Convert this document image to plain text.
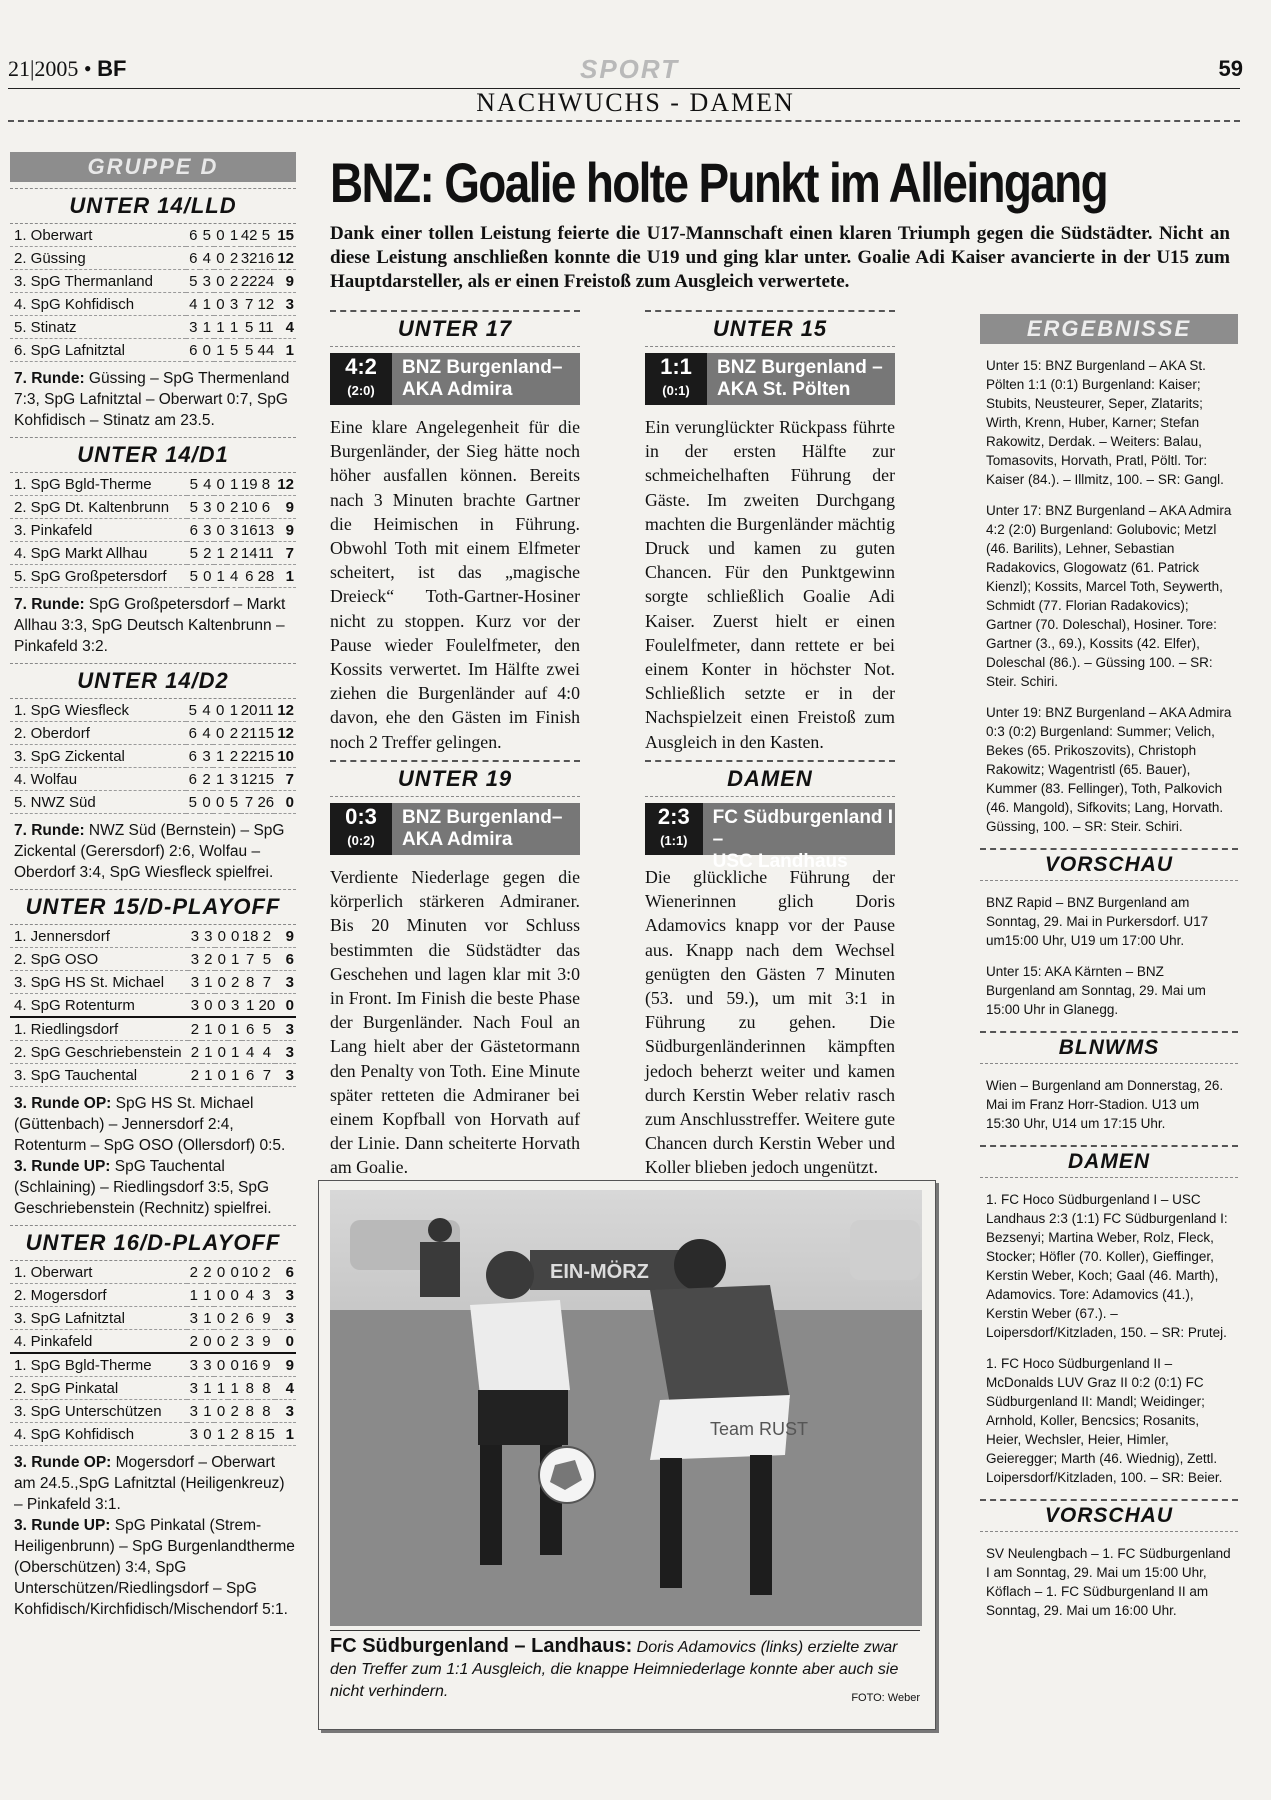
21|2005 • BF	SPORT	59
NACHWUCHS - DAMEN
GRUPPE D
UNTER 14/LLD
1. Oberwart	6	5	0	1	42	5	15
2. Güssing	6	4	0	2	32	16	12
3. SpG Thermanland	5	3	0	2	22	24	9
4. SpG Kohfidisch	4	1	0	3	7	12	3
5. Stinatz	3	1	1	1	5	11	4
6. SpG Lafnitztal	6	0	1	5	5	44	1
7. Runde: Güssing – SpG Thermenland 7:3, SpG Lafnitztal – Oberwart 0:7, SpG Kohfidisch – Stinatz am 23.5.
UNTER 14/D1
1. SpG Bgld-Therme	5	4	0	1	19	8	12
2. SpG Dt. Kaltenbrunn	5	3	0	2	10	6	9
3. Pinkafeld	6	3	0	3	16	13	9
4. SpG Markt Allhau	5	2	1	2	14	11	7
5. SpG Großpetersdorf	5	0	1	4	6	28	1
7. Runde: SpG Großpetersdorf – Markt Allhau 3:3, SpG Deutsch Kaltenbrunn – Pinkafeld 3:2.
UNTER 14/D2
1. SpG Wiesfleck	5	4	0	1	20	11	12
2. Oberdorf	6	4	0	2	21	15	12
3. SpG Zickental	6	3	1	2	22	15	10
4. Wolfau	6	2	1	3	12	15	7
5. NWZ Süd	5	0	0	5	7	26	0
7. Runde: NWZ Süd (Bernstein) – SpG Zickental (Gerersdorf) 2:6, Wolfau – Oberdorf 3:4, SpG Wiesfleck spielfrei.
UNTER 15/D-PLAYOFF
1. Jennersdorf	3	3	0	0	18	2	9
2. SpG OSO	3	2	0	1	7	5	6
3. SpG HS St. Michael	3	1	0	2	8	7	3
4. SpG Rotenturm	3	0	0	3	1	20	0
1. Riedlingsdorf	2	1	0	1	6	5	3
2. SpG Geschriebenstein	2	1	0	1	4	4	3
3. SpG Tauchental	2	1	0	1	6	7	3
3. Runde OP: SpG HS St. Michael (Güttenbach) – Jennersdorf 2:4, Rotenturm – SpG OSO (Ollersdorf) 0:5.
3. Runde UP: SpG Tauchental (Schlaining) – Riedlingsdorf 3:5, SpG Geschriebenstein (Rechnitz) spielfrei.
UNTER 16/D-PLAYOFF
1. Oberwart	2	2	0	0	10	2	6
2. Mogersdorf	1	1	0	0	4	3	3
3. SpG Lafnitztal	3	1	0	2	6	9	3
4. Pinkafeld	2	0	0	2	3	9	0
1. SpG Bgld-Therme	3	3	0	0	16	9	9
2. SpG Pinkatal	3	1	1	1	8	8	4
3. SpG Unterschützen	3	1	0	2	8	8	3
4. SpG Kohfidisch	3	0	1	2	8	15	1
3. Runde OP: Mogersdorf – Oberwart am 24.5.,SpG Lafnitztal (Heiligenkreuz) – Pinkafeld 3:1.
3. Runde UP: SpG Pinkatal (Strem-Heiligenbrunn) – SpG Burgenlandtherme (Oberschützen) 3:4, SpG Unterschützen/Riedlingsdorf – SpG Kohfidisch/Kirchfidisch/Mischendorf 5:1.
BNZ: Goalie holte Punkt im Alleingang
Dank einer tollen Leistung feierte die U17-Mannschaft einen klaren Triumph gegen die Südstädter. Nicht an diese Leistung anschließen konnte die U19 und ging klar unter. Goalie Adi Kaiser avancierte in der U15 zum Hauptdarsteller, als er einen Freistoß zum Ausgleich verwertete.
UNTER 17
4:2
(2:0)
BNZ Burgenland–
AKA Admira
Eine klare Angelegenheit für die Burgenländer, der Sieg hätte noch höher ausfallen können. Bereits nach 3 Minuten brachte Gartner die Heimischen in Führung. Obwohl Toth mit einem Elfmeter scheitert, ist das „magische Dreieck“ Toth-Gartner-Hosiner nicht zu stoppen. Kurz vor der Pause wieder Foulelfmeter, den Kossits verwertet. Im Hälfte zwei ziehen die Burgenländer auf 4:0 davon, ehe den Gästen im Finish noch 2 Treffer gelingen.
UNTER 15
1:1
(0:1)
BNZ Burgenland –
AKA St. Pölten
Ein verunglückter Rückpass führte in der ersten Hälfte zur schmeichelhaften Führung der Gäste. Im zweiten Durchgang machten die Burgenländer mächtig Druck und kamen zu guten Chancen. Für den Punktgewinn sorgte schließlich Goalie Adi Kaiser. Zuerst hielt er einen Foulelfmeter, dann rettete er bei einem Konter in höchster Not. Schließlich setzte er in der Nachspielzeit einen Freistoß zum Ausgleich in den Kasten.
UNTER 19
0:3
(0:2)
BNZ Burgenland–
AKA Admira
Verdiente Niederlage gegen die körperlich stärkeren Admiraner. Bis 20 Minuten vor Schluss bestimmten die Südstädter das Geschehen und lagen klar mit 3:0 in Front. Im Finish die beste Phase der Burgenländer. Nach Foul an Lang hielt aber der Gästetormann den Penalty von Toth. Eine Minute später retteten die Admiraner bei einem Kopfball von Horvath auf der Linie. Dann scheiterte Horvath am Goalie.
DAMEN
2:3
(1:1)
FC Südburgenland I –
USC Landhaus
Die glückliche Führung der Wienerinnen glich Doris Adamovics knapp vor der Pause aus. Knapp nach dem Wechsel genügten den Gästen 7 Minuten (53. und 59.), um mit 3:1 in Führung zu gehen. Die Südburgenländerinnen kämpften jedoch beherzt weiter und kamen durch Kerstin Weber relativ rasch zum Anschlusstreffer. Weitere gute Chancen durch Kerstin Weber und Koller blieben jedoch ungenützt.
EIN-MÖRZ
Team RUST
FC Südburgenland – Landhaus: Doris Adamovics (links) erzielte zwar den Treffer zum 1:1 Ausgleich, die knappe Heimniederlage konnte aber auch sie nicht verhindern.	FOTO: Weber
ERGEBNISSE

Unter 15: BNZ Burgenland – AKA St. Pölten 1:1 (0:1) Burgenland: Kaiser; Stubits, Neusteurer, Seper, Zlatarits; Wirth, Krenn, Huber, Karner; Stefan Rakowitz, Derdak. – Weiters: Balau, Tomasovits, Horvath, Pratl, Pöltl. Tor: Kaiser (84.). – Illmitz, 100. – SR: Gangl.

Unter 17: BNZ Burgenland – AKA Admira 4:2 (2:0) Burgenland: Golubovic; Metzl (46. Barilits), Lehner, Sebastian Radakovics, Glogowatz (61. Patrick Kienzl); Kossits, Marcel Toth, Seywerth, Schmidt (77. Florian Radakovics); Gartner (70. Doleschal), Hosiner. Tore: Gartner (3., 69.), Kossits (42. Elfer), Doleschal (86.). – Güssing 100. – SR: Steir. Schiri.

Unter 19: BNZ Burgenland – AKA Admira 0:3 (0:2) Burgenland: Summer; Velich, Bekes (65. Prikoszovits), Christoph Rakowitz; Wagentristl (65. Bauer), Kummer (83. Fellinger), Toth, Palkovich (46. Mangold), Sifkovits; Lang, Horvath. Güssing, 100. – SR: Steir. Schiri.

VORSCHAU

BNZ Rapid – BNZ Burgenland am Sonntag, 29. Mai in Purkersdorf. U17 um15:00 Uhr, U19 um 17:00 Uhr.

Unter 15: AKA Kärnten – BNZ Burgenland am Sonntag, 29. Mai um 15:00 Uhr in Glanegg.

BLNWMS

Wien – Burgenland am Donnerstag, 26. Mai im Franz Horr-Stadion. U13 um 15:30 Uhr, U14 um 17:15 Uhr.

DAMEN

1. FC Hoco Südburgenland I – USC Landhaus 2:3 (1:1) FC Südburgenland I: Bezsenyi; Martina Weber, Rolz, Fleck, Stocker; Höfler (70. Koller), Gieffinger, Kerstin Weber, Koch; Gaal (46. Marth), Adamovics. Tore: Adamovics (41.), Kerstin Weber (67.). – Loipersdorf/Kitzladen, 150. – SR: Prutej.

1. FC Hoco Südburgenland II – McDonalds LUV Graz II 0:2 (0:1) FC Südburgenland II: Mandl; Weidinger; Arnhold, Koller, Bencsics; Rosanits, Heier, Wechsler, Heier, Himler, Geieregger; Marth (46. Wiednig), Zettl. Loipersdorf/Kitzladen, 100. – SR: Beier.

VORSCHAU

SV Neulengbach – 1. FC Südburgenland I am Sonntag, 29. Mai um 15:00 Uhr, Köflach – 1. FC Südburgenland II am Sonntag, 29. Mai um 16:00 Uhr.
